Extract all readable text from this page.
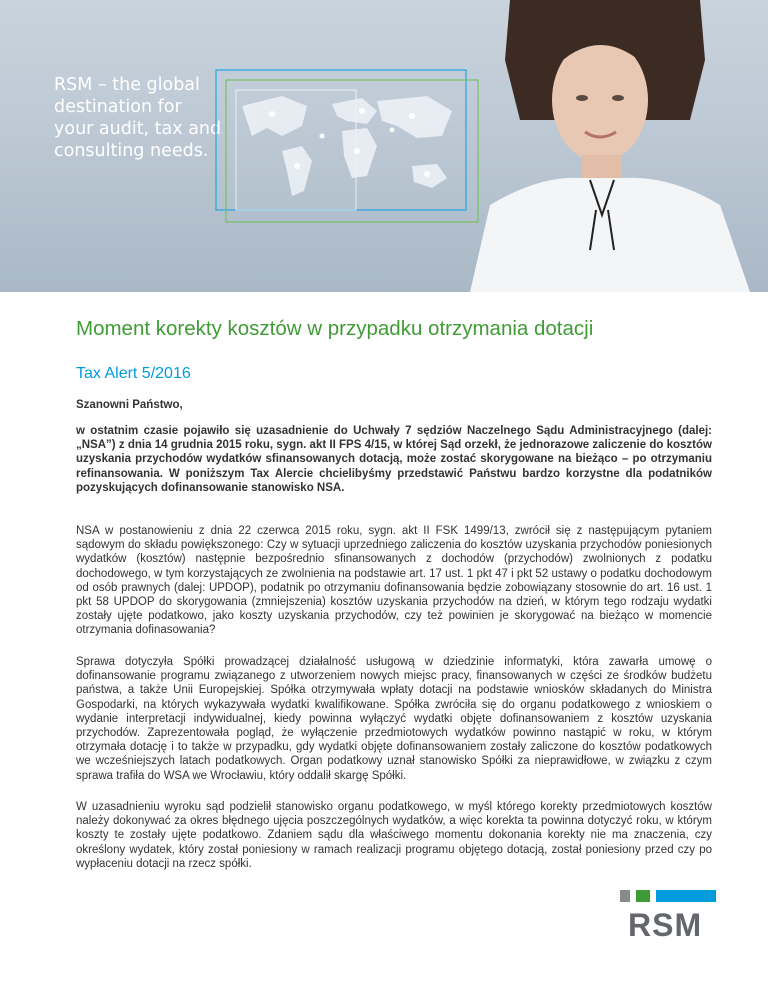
RSM – the global
destination for
your audit, tax and
consulting needs.
Moment korekty kosztów w przypadku otrzymania dotacji
Tax Alert 5/2016
Szanowni Państwo,

w ostatnim czasie pojawiło się uzasadnienie do Uchwały 7 sędziów Naczelnego Sądu Administracyjnego (dalej: „NSA”) z dnia 14 grudnia 2015 roku, sygn. akt II FPS 4/15, w której Sąd orzekł, że jednorazowe zaliczenie do kosztów uzyskania przychodów wydatków sfinansowanych dotacją, może zostać skorygowane na bieżąco – po otrzymaniu refinansowania. W poniższym Tax Alercie chcielibyśmy przedstawić Państwu bardzo korzystne dla podatników pozyskujących dofinansowanie stanowisko NSA.

NSA w postanowieniu z dnia 22 czerwca 2015 roku, sygn. akt II FSK 1499/13, zwrócił się z następującym pytaniem sądowym do składu powiększonego: Czy w sytuacji uprzedniego zaliczenia do kosztów uzyskania przychodów poniesionych wydatków (kosztów) następnie bezpośrednio sfinansowanych z dochodów (przychodów) zwolnionych z podatku dochodowego, w tym korzystających ze zwolnienia na podstawie art. 17 ust. 1 pkt 47 i pkt 52 ustawy o podatku dochodowym od osób prawnych (dalej: UPDOP), podatnik po otrzymaniu dofinansowania będzie zobowiązany stosownie do art. 16 ust. 1 pkt 58 UPDOP do skorygowania (zmniejszenia) kosztów uzyskania przychodów na dzień, w którym tego rodzaju wydatki zostały ujęte podatkowo, jako koszty uzyskania przychodów, czy też powinien je skorygować na bieżąco w momencie otrzymania dofinasowania?

Sprawa dotyczyła Spółki prowadzącej działalność usługową w dziedzinie informatyki, która zawarła umowę o dofinansowanie programu związanego z utworzeniem nowych miejsc pracy, finansowanych w części ze środków budżetu państwa, a także Unii Europejskiej. Spółka otrzymywała wpłaty dotacji na podstawie wniosków składanych do Ministra Gospodarki, na których wykazywała wydatki kwalifikowane. Spółka zwróciła się do organu podatkowego z wnioskiem o wydanie interpretacji indywidualnej, kiedy powinna wyłączyć wydatki objęte dofinansowaniem z kosztów uzyskania przychodów. Zaprezentowała pogląd, że wyłączenie przedmiotowych wydatków powinno nastąpić w roku, w którym otrzymała dotację i to także w przypadku, gdy wydatki objęte dofinansowaniem zostały zaliczone do kosztów podatkowych we wcześniejszych latach podatkowych. Organ podatkowy uznał stanowisko Spółki za nieprawidłowe, w związku z czym sprawa trafiła do WSA we Wrocławiu, który oddalił skargę Spółki.

W uzasadnieniu wyroku sąd podzielił stanowisko organu podatkowego, w myśl którego korekty przedmiotowych kosztów należy dokonywać za okres błędnego ujęcia poszczególnych wydatków, a więc korekta ta powinna dotyczyć roku, w którym koszty te zostały ujęte podatkowo. Zdaniem sądu dla właściwego momentu dokonania korekty nie ma znaczenia, czy określony wydatek, który został poniesiony w ramach realizacji programu objętego dotacją, został poniesiony przed czy po wypłaceniu dotacji na rzecz spółki.

RSM
